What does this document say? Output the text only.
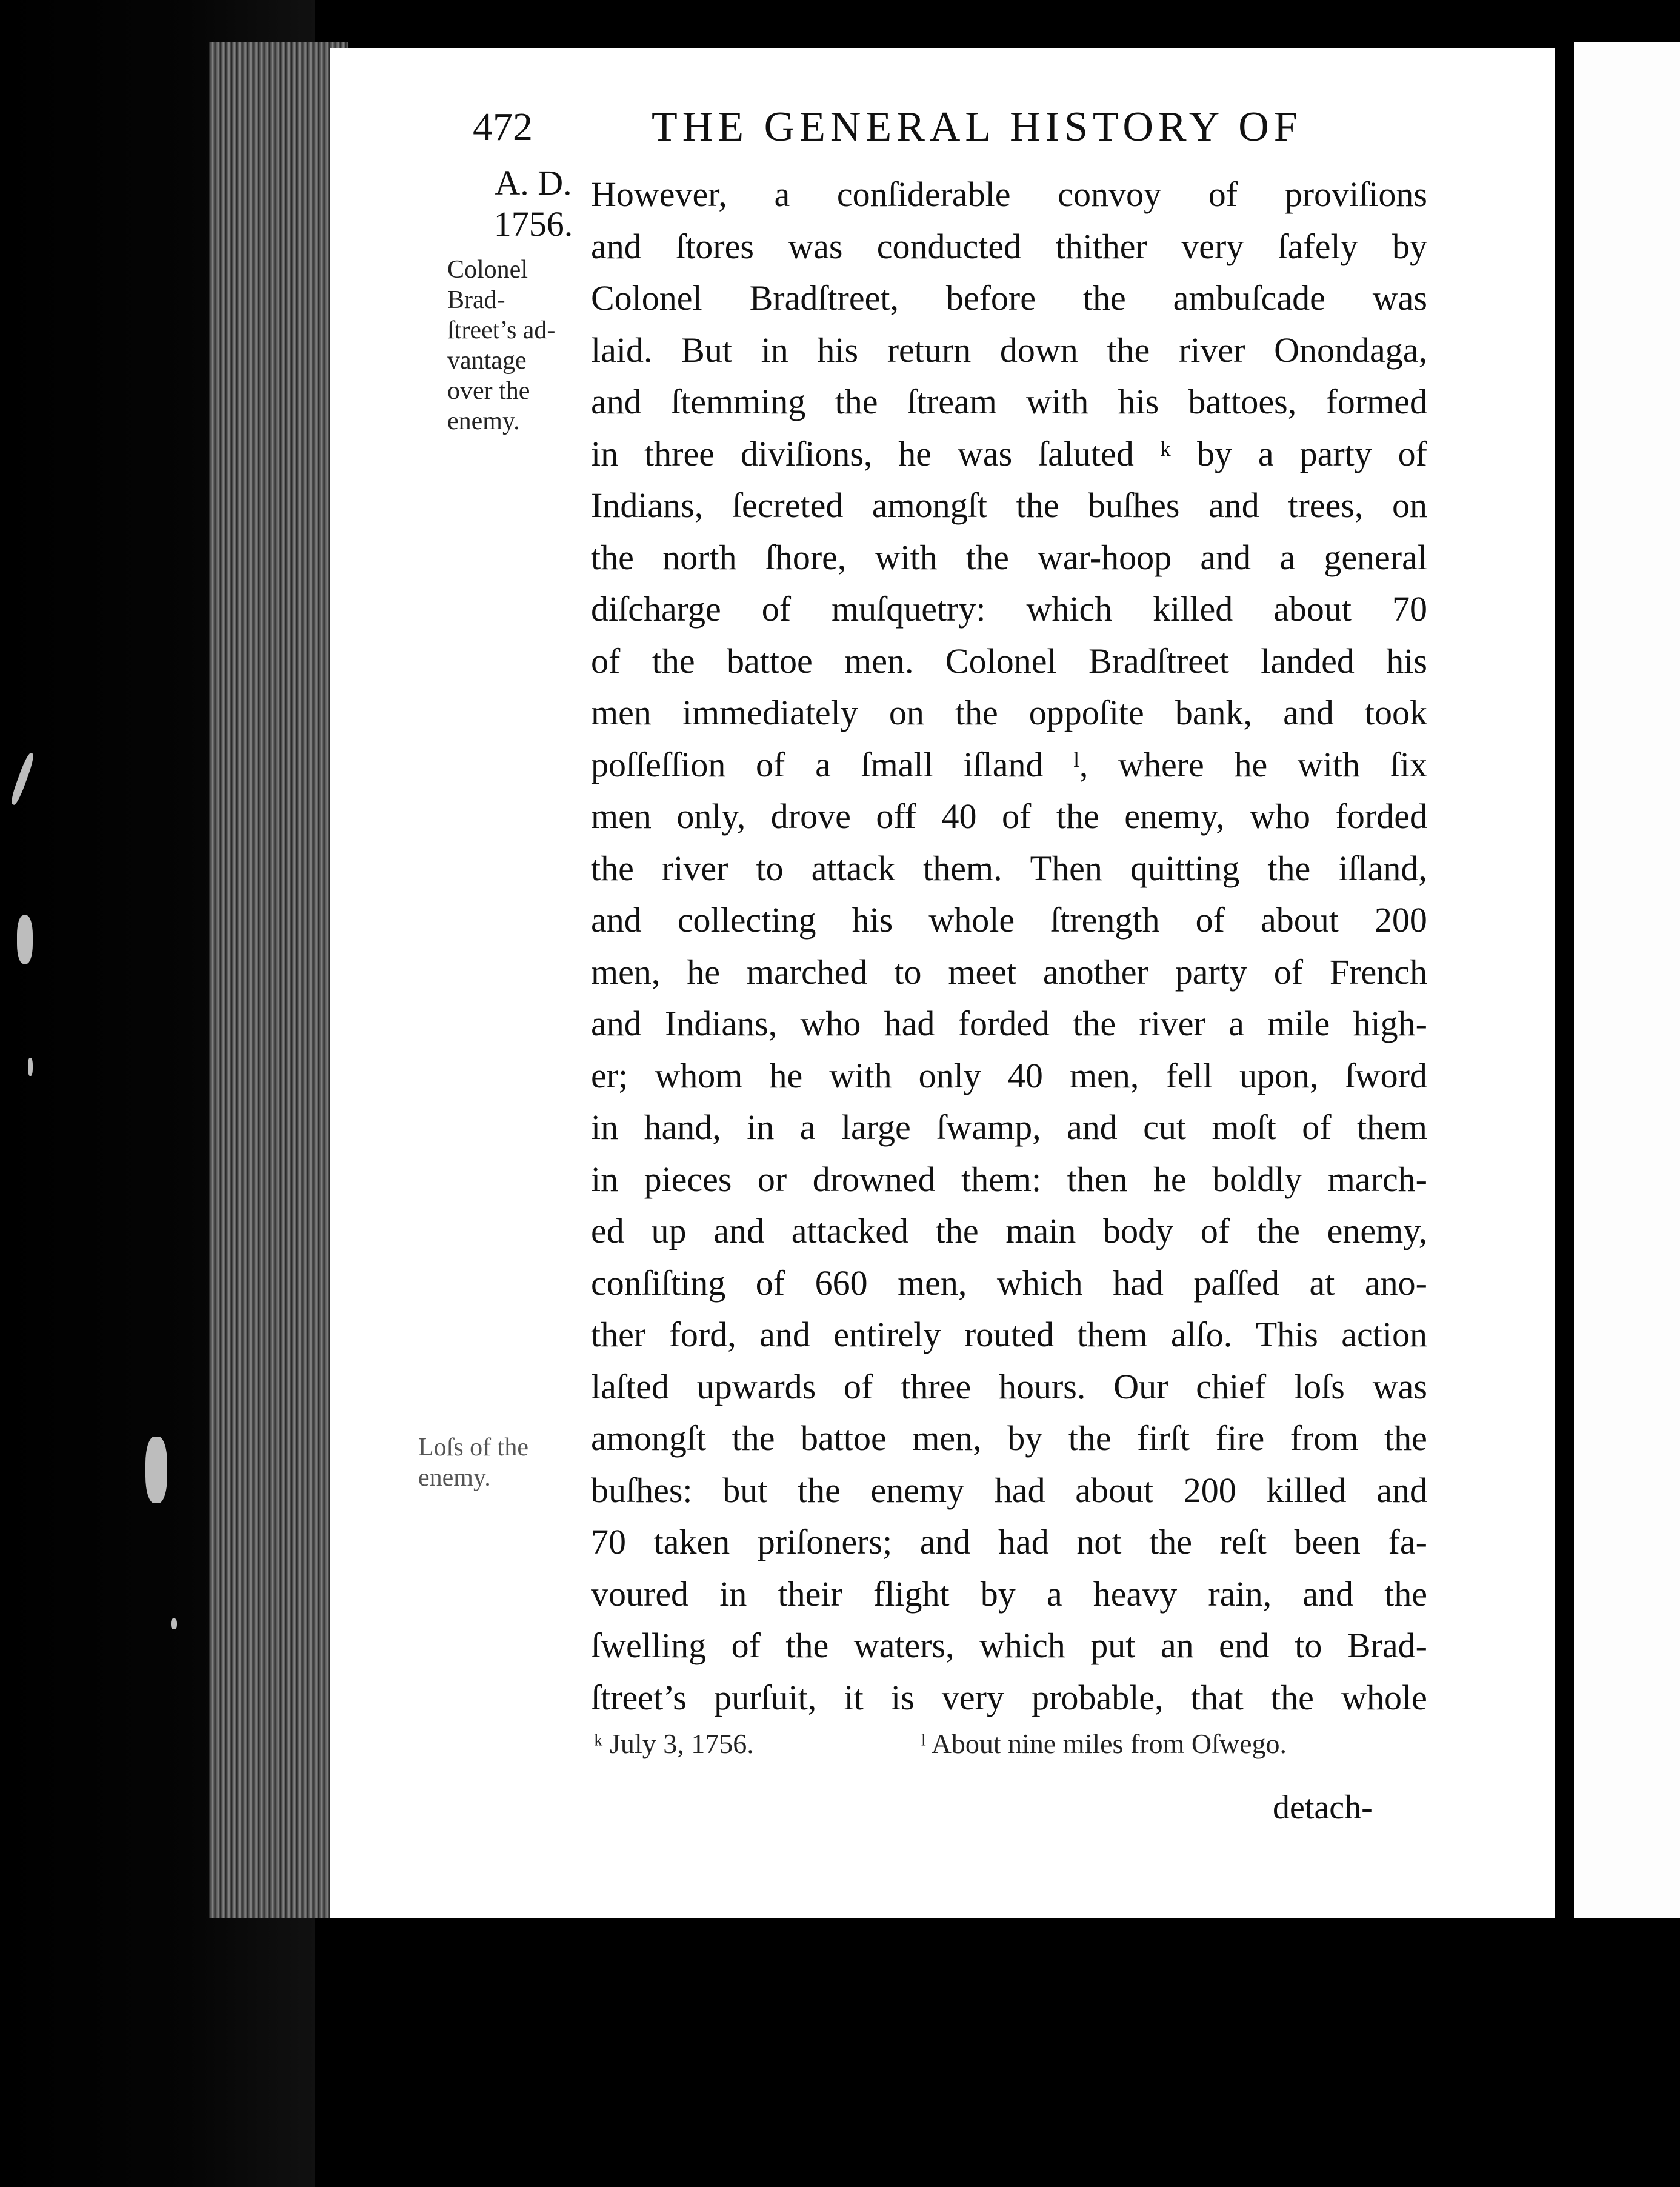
472	THE GENERAL HISTORY OF
A. D.
1756.
Colonel
Brad-
ſtreet’s ad-
vantage
over the
enemy.
Loſs of the
enemy.
However, a conſiderable convoy of proviſions
and ſtores was conducted thither very ſafely by
Colonel Bradſtreet, before the ambuſcade was
laid. But in his return down the river Onondaga,
and ſtemming the ſtream with his battoes, formed
in three diviſions, he was ſaluted ᵏ by a party of
Indians, ſecreted amongſt the buſhes and trees, on
the north ſhore, with the war-hoop and a general
diſcharge of muſquetry: which killed about 70
of the battoe men. Colonel Bradſtreet landed his
men immediately on the oppoſite bank, and took
poſſeſſion of a ſmall iſland ˡ, where he with ſix
men only, drove off 40 of the enemy, who forded
the river to attack them. Then quitting the iſland,
and collecting his whole ſtrength of about 200
men, he marched to meet another party of French
and Indians, who had forded the river a mile high-
er; whom he with only 40 men, fell upon, ſword
in hand, in a large ſwamp, and cut moſt of them
in pieces or drowned them: then he boldly march-
ed up and attacked the main body of the enemy,
conſiſting of 660 men, which had paſſed at ano-
ther ford, and entirely routed them alſo. This action
laſted upwards of three hours. Our chief loſs was
amongſt the battoe men, by the firſt fire from the
buſhes: but the enemy had about 200 killed and
70 taken priſoners; and had not the reſt been fa-
voured in their flight by a heavy rain, and the
ſwelling of the waters, which put an end to Brad-
ſtreet’s purſuit, it is very probable, that the whole
ᵏ July 3, 1756.	ˡ About nine miles from Oſwego.
detach-
